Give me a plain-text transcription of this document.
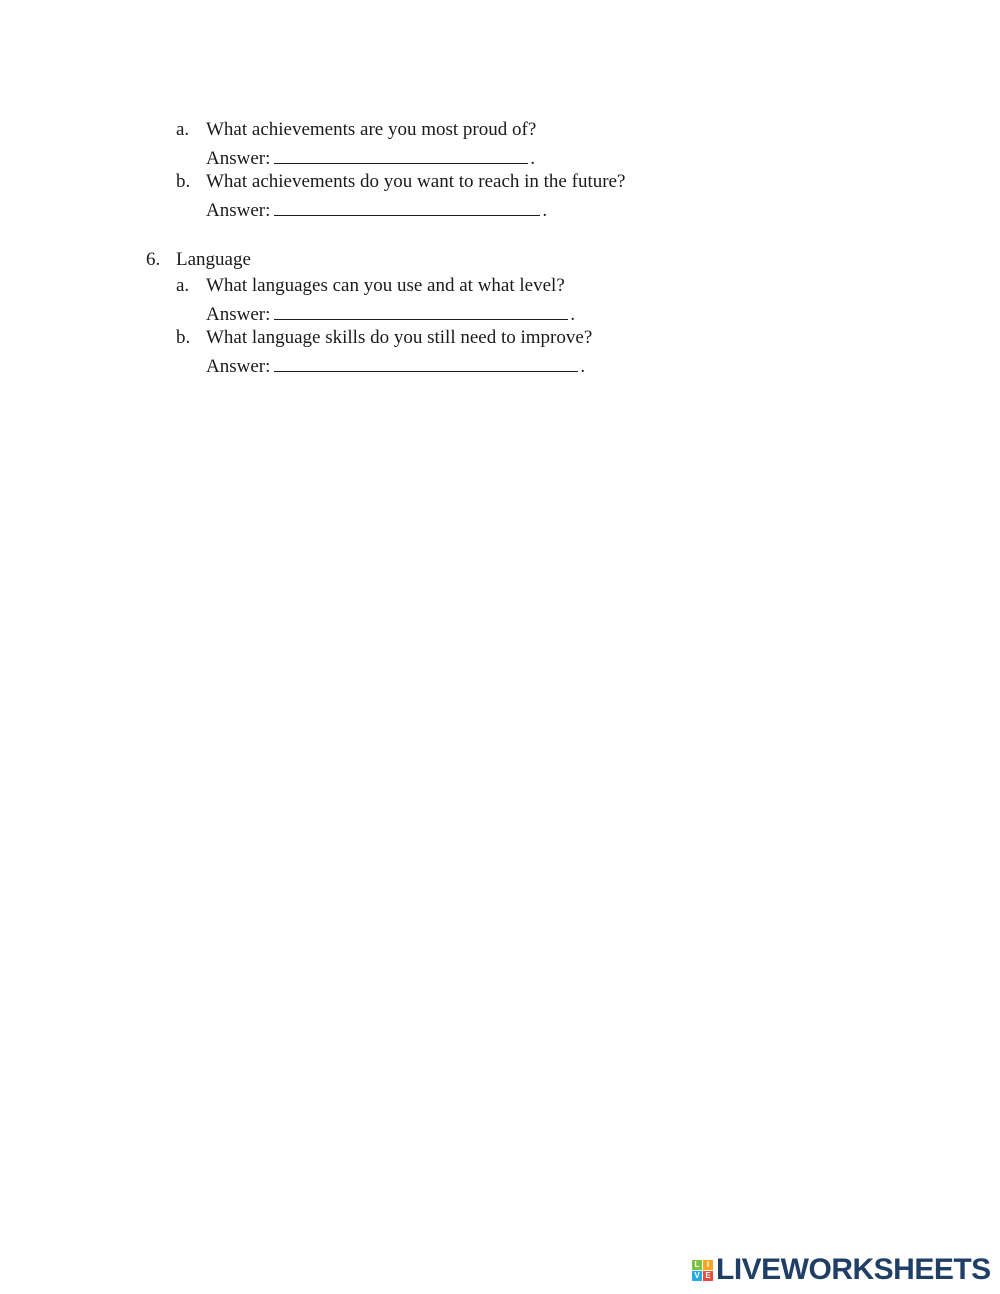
a. What achievements are you most proud of?
Answer:	.
b. What achievements do you want to reach in the future?
Answer:	.
6. Language
a. What languages can you use and at what level?
Answer:	.
b. What language skills do you still need to improve?
Answer:	.
L I
V E LIVEWORKSHEETS
